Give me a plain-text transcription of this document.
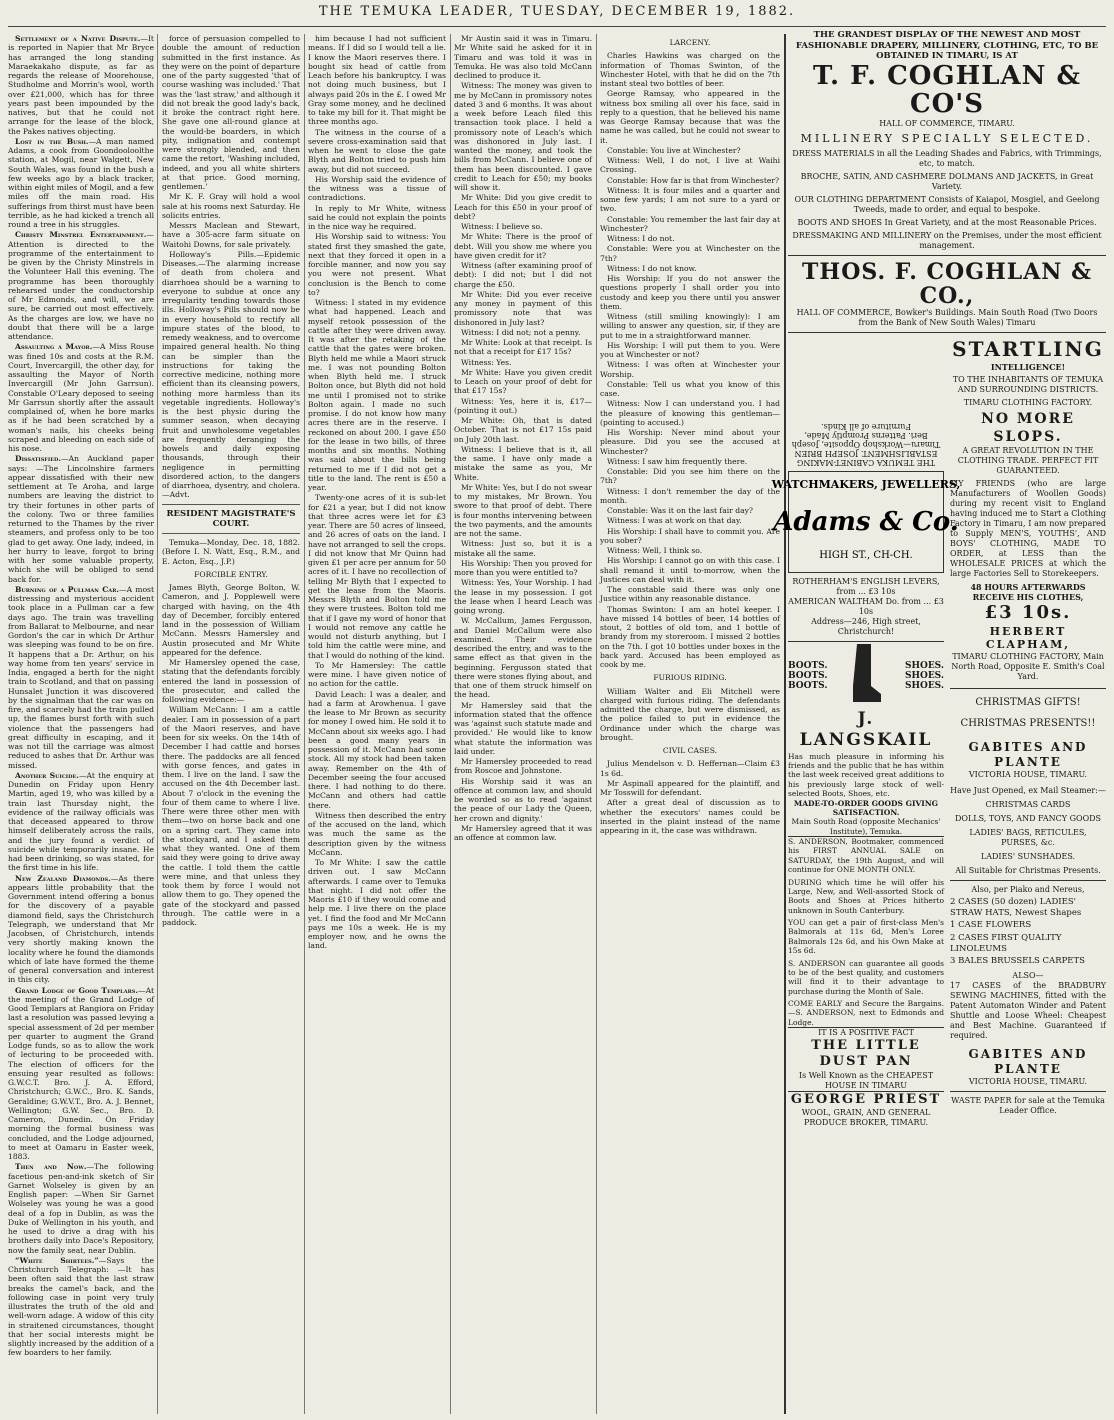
THE TEMUKA LEADER, TUESDAY, DECEMBER 19, 1882.

Settlement of a Native Dispute.—It is reported in Napier that Mr Bryce has arranged the long standing Maraekakaho dispute, as far as regards the release of Moorehouse, Studholme and Morrin's wool, worth over £21,000, which has for three years past been impounded by the natives, but that he could not arrange for the lease of the block, the Pakes natives objecting.

Lost in the Bush.—A man named Adams, a cook from Goondooloolthe station, at Mogil, near Walgett, New South Wales, was found in the bush a few weeks ago by a black tracker, within eight miles of Mogil, and a few miles off the main road. His sufferings from thirst must have been terrible, as he had kicked a trench all round a tree in his struggles.

Christy Minstrel Entertainment.—Attention is directed to the programme of the entertainment to be given by the Christy Minstrels in the Volunteer Hall this evening. The programme has been thoroughly rehearsed under the conductorship of Mr Edmonds, and will, we are sure, be carried out most effectively. As the charges are low, we have no doubt that there will be a large attendance.

Assaulting a Mayor.—A Miss Rouse was fined 10s and costs at the R.M. Court, Invercargill, the other day, for assaulting the Mayor of North Invercargill (Mr John Garrsun). Constable O'Leary deposed to seeing Mr Garrsun shortly after the assault complained of, when he bore marks as if he had been scratched by a woman's nails, his cheeks being scraped and bleeding on each side of his nose.

Dissatisfied.—An Auckland paper says: —The Lincolnshire farmers appear dissatisfied with their new settlement at Te Aroha, and large numbers are leaving the district to try their fortunes in other parts of the colony. Two or three families returned to the Thames by the river steamers, and profess only to be too glad to get away. One lady, indeed, in her hurry to leave, forgot to bring with her some valuable property, which she will be obliged to send back for.

Burning of a Pullman Car.—A most distressing and mysterious accident took place in a Pullman car a few days ago. The train was travelling from Ballarat to Melbourne, and near Gordon's the car in which Dr Arthur was sleeping was found to be on fire. It happens that a Dr. Arthur, on his way home from ten years' service in India, engaged a berth for the night train to Scotland, and that on passing Hunsalet Junction it was discovered by the signalman that the car was on fire, and scarcely had the train pulled up, the flames burst forth with such violence that the passengers had great difficulty in escaping, and it was not till the carriage was almost reduced to ashes that Dr. Arthur was missed.

Another Suicide.—At the enquiry at Dunedin on Friday upon Henry Martin, aged 19, who was killed by a train last Thursday night, the evidence of the railway officials was that deceased appeared to throw himself deliberately across the rails, and the jury found a verdict of suicide while temporarily insane. He had been drinking, so was stated, for the first time in his life.

New Zealand Diamonds.—As there appears little probability that the Government intend offering a bonus for the discovery of a payable diamond field, says the Christchurch Telegraph, we understand that Mr Jacobsen, of Christchurch, intends very shortly making known the locality where he found the diamonds which of late have formed the theme of general conversation and interest in this city.

Grand Lodge of Good Templars.—At the meeting of the Grand Lodge of Good Templars at Rangiora on Friday last a resolution was passed levying a special assessment of 2d per member per quarter to augment the Grand Lodge funds, so as to allow the work of lecturing to be proceeded with. The election of officers for the ensuing year resulted as follows: G.W.C.T. Bro. J. A. Efford, Christchurch; G.W.C., Bro. K. Sands, Geraldine; G.W.V.T., Bro. A. J. Bennet, Wellington; G.W. Sec., Bro. D. Cameron, Dunedin. On Friday morning the formal business was concluded, and the Lodge adjourned, to meet at Oamaru in Easter week, 1883.

Then and Now.—The following facetious pen-and-ink sketch of Sir Garnet Wolseley is given by an English paper: —When Sir Garnet Wolseley was young he was a good deal of a fop in Dublin, as was the Duke of Wellington in his youth, and he used to drive a drag with his brothers daily into Dace's Repository, now the family seat, near Dublin.

“White Shirtees.”—Says the Christchurch Telegraph: —It has been often said that the last straw breaks the camel's back, and the following case in point very truly illustrates the truth of the old and well-worn adage. A widow of this city in straitened circumstances, thought that her social interests might be slightly increased by the addition of a few boarders to her family.

force of persuasion compelled to double the amount of reduction submitted in the first instance. As they were on the point of departure one of the party suggested 'that of course washing was included.' That was the 'last straw,' and although it did not break the good lady's back, it broke the contract right here. She gave one all-round glance at the would-be boarders, in which pity, indignation and contempt were strongly blended, and then came the retort, 'Washing included, indeed, and you all white shirters at that price. Good morning, gentlemen.'

Mr K. F. Gray will hold a wool sale at his rooms next Saturday. He solicits entries.

Messrs Maclean and Stewart, have a 305-acre farm situate on Waitohi Downs, for sale privately.

Holloway's Pills.—Epidemic Diseases.—The alarming increase of death from cholera and diarrhoea should be a warning to everyone to subdue at once any irregularity tending towards those ills. Holloway's Pills should now be in every household to rectify all impure states of the blood, to remedy weakness, and to overcome impaired general health. No thing can be simpler than the instructions for taking the corrective medicine, nothing more efficient than its cleansing powers, nothing more harmless than its vegetable ingredients. Holloway's is the best physic during the summer season, when decaying fruit and unwholesome vegetables are frequently deranging the bowels and daily exposing thousands, through their negligence in permitting disordered action, to the dangers of diarrhoea, dysentry, and cholera.—Advt.

RESIDENT MAGISTRATE'S COURT.

Temuka—Monday, Dec. 18, 1882. (Before I. N. Watt, Esq., R.M., and E. Acton, Esq., J.P.)

FORCIBLE ENTRY.

James Blyth, George Bolton, W. Cameron, and J. Popplewell were charged with having, on the 4th day of December, forcibly entered land in the possession of William McCann. Messrs Hamersley and Austin prosecuted and Mr White appeared for the defence.

Mr Hamersley opened the case, stating that the defendants forcibly entered the land in possession of the prosecutor, and called the following evidence:—

William McCann: I am a cattle dealer. I am in possession of a part of the Maori reserves, and have been for six weeks. On the 14th of December I had cattle and horses there. The paddocks are all fenced with gorse fences, and gates in them. I live on the land. I saw the accused on the 4th December last. About 7 o'clock in the evening the four of them came to where I live. There were three other men with them—two on horse back and one on a spring cart. They came into the stockyard, and I asked them what they wanted. One of them said they were going to drive away the cattle. I told them the cattle were mine, and that unless they took them by force I would not allow them to go. They opened the gate of the stockyard and passed through. The cattle were in a paddock.

him because I had not sufficient means. If I did so I would tell a lie. I know the Maori reserves there. I bought six head of cattle from Leach before his bankruptcy. I was not doing much business, but I always paid 20s in the £. I owed Mr Gray some money, and he declined to take my bill for it. That might be three months ago.

The witness in the course of a severe cross-examination said that when he went to close the gate Blyth and Bolton tried to push him away, but did not succeed.

His Worship said the evidence of the witness was a tissue of contradictions.

In reply to Mr White, witness said he could not explain the points in the nice way he required.

His Worship said to witness: You stated first they smashed the gate, next that they forced it open in a forcible manner, and now you say you were not present. What conclusion is the Bench to come to?

Witness: I stated in my evidence what had happened. Leach and myself retook possession of the cattle after they were driven away. It was after the retaking of the cattle that the gates were broken. Blyth held me while a Maori struck me. I was not pounding Bolton when Blyth held me. I struck Bolton once, but Blyth did not hold me until I promised not to strike Bolton again. I made no such promise. I do not know how many acres there are in the reserve. I reckoned on about 200. I gave £50 for the lease in two bills, of three months and six months. Nothing was said about the bills being returned to me if I did not get a title to the land. The rent is £50 a year.

Twenty-one acres of it is sub-let for £21 a year, but I did not know that three acres were let for £3 year. There are 50 acres of linseed, and 26 acres of oats on the land. I have not arranged to sell the crops. I did not know that Mr Quinn had given £1 per acre per annum for 50 acres of it. I have no recollection of telling Mr Blyth that I expected to get the lease from the Maoris. Messrs Blyth and Bolton told me they were trustees. Bolton told me that if I gave my word of honor that I would not remove any cattle he would not disturb anything, but I told him the cattle were mine, and that I would do nothing of the kind.

To Mr Hamersley: The cattle were mine. I have given notice of no action for the cattle.

David Leach: I was a dealer, and had a farm at Arowhenua. I gave the lease to Mr Brown as security for money I owed him. He sold it to McCann about six weeks ago. I had been a good many years in possession of it. McCann had some stock. All my stock had been taken away. Remember on the 4th of December seeing the four accused there. I had nothing to do there. McCann and others had cattle there.

Witness then described the entry of the accused on the land, which was much the same as the description given by the witness McCann.

To Mr White: I saw the cattle driven out. I saw McCann afterwards. I came over to Temuka that night. I did not offer the Maoris £10 if they would come and help me. I live there on the place yet. I find the food and Mr McCann pays me 10s a week. He is my employer now, and he owns the land.

Mr Austin said it was in Timaru. Mr White said he asked for it in Timaru and was told it was in Temuka. He was also told McCann declined to produce it.

Witness: The money was given to me by McCann in promissory notes dated 3 and 6 months. It was about a week before Leach filed this transaction took place. I held a promissory note of Leach's which was dishonored in July last. I wanted the money, and took the bills from McCann. I believe one of them has been discounted. I gave credit to Leach for £50; my books will show it.

Mr White: Did you give credit to Leach for this £50 in your proof of debt?

Witness: I believe so.

Mr White: There is the proof of debt. Will you show me where you have given credit for it?

Witness (after examining proof of debt): I did not; but I did not charge the £50.

Mr White: Did you ever receive any money in payment of this promissory note that was dishonored in July last?

Witness: I did not; not a penny.

Mr White: Look at that receipt. Is not that a receipt for £17 15s?

Witness: Yes.

Mr White: Have you given credit to Leach on your proof of debt for that £17 15s?

Witness: Yes, here it is, £17—(pointing it out.)

Mr White: Oh, that is dated October. That is not £17 15s paid on July 20th last.

Witness: I believe that is it, all the same. I have only made a mistake the same as you, Mr White.

Mr White: Yes, but I do not swear to my mistakes, Mr Brown. You swore to that proof of debt. There is four months intervening between the two payments, and the amounts are not the same.

Witness: Just so, but it is a mistake all the same.

His Worship: Then you proved for more than you were entitled to?

Witness: Yes, Your Worship. I had the lease in my possession. I got the lease when I heard Leach was going wrong.

W. McCallum, James Fergusson, and Daniel McCallum were also examined. Their evidence described the entry, and was to the same effect as that given in the beginning. Fergusson stated that there were stones flying about, and that one of them struck himself on the head.

Mr Hamersley said that the information stated that the offence was 'against such statute made and provided.' He would like to know what statute the information was laid under.

Mr Hamersley proceeded to read from Roscoe and Johnstone.

His Worship said it was an offence at common law, and should be worded so as to read 'against the peace of our Lady the Queen, her crown and dignity.'

Mr Hamersley agreed that it was an offence at common law.

LARCENY.

Charles Hawkins was charged on the information of Thomas Swinton, of the Winchester Hotel, with that he did on the 7th instant steal two bottles of beer.

George Ramsay, who appeared in the witness box smiling all over his face, said in reply to a question, that he believed his name was George Ramsay because that was the name he was called, but he could not swear to it.

Constable: You live at Winchester?

Witness: Well, I do not, I live at Waihi Crossing.

Constable: How far is that from Winchester?

Witness: It is four miles and a quarter and some few yards; I am not sure to a yard or two.

Constable: You remember the last fair day at Winchester?

Witness: I do not.

Constable: Were you at Winchester on the 7th?

Witness: I do not know.

His Worship: If you do not answer the questions properly I shall order you into custody and keep you there until you answer them.

Witness (still smiling knowingly): I am willing to answer any question, sir, if they are put to me in a straightforward manner.

His Worship: I will put them to you. Were you at Winchester or not?

Witness: I was often at Winchester your Worship.

Constable: Tell us what you know of this case.

Witness: Now I can understand you. I had the pleasure of knowing this gentleman—(pointing to accused.)

His Worship: Never mind about your pleasure. Did you see the accused at Winchester?

Witness: I saw him frequently there.

Constable: Did you see him there on the 7th?

Witness: I don't remember the day of the month.

Constable: Was it on the last fair day?

Witness: I was at work on that day.

His Worship: I shall have to commit you. Are you sober?

Witness: Well, I think so.

His Worship: I cannot go on with this case. I shall remand it until to-morrow, when the Justices can deal with it.

The constable said there was only one Justice within any reasonable distance.

Thomas Swinton: I am an hotel keeper. I have missed 14 bottles of beer, 14 bottles of stout, 2 bottles of old tom, and 1 bottle of brandy from my storeroom. I missed 2 bottles on the 7th. I got 10 bottles under boxes in the back yard. Accused has been employed as cook by me.

FURIOUS RIDING.

William Walter and Eli Mitchell were charged with furious riding. The defendants admitted the charge, but were dismissed, as the police failed to put in evidence the Ordinance under which the charge was brought.

CIVIL CASES.

Julius Mendelson v. D. Heffernan—Claim £3 1s 6d.

Mr Aspinall appeared for the plaintiff, and Mr Tosswill for defendant.

After a great deal of discussion as to whether the executors' names could be inserted in the plaint instead of the name appearing in it, the case was withdrawn.

THE GRANDEST DISPLAY OF THE NEWEST AND MOST FASHIONABLE DRAPERY, MILLINERY, CLOTHING, ETC, TO BE OBTAINED IN TIMARU, IS AT
T. F. COGHLAN & CO'S
HALL OF COMMERCE, TIMARU.
MILLINERY SPECIALLY SELECTED.
DRESS MATERIALS in all the Leading Shades and Fabrics, with Trimmings, etc, to match.
BROCHE, SATIN, AND CASHMERE DOLMANS AND JACKETS, in Great Variety.
OUR CLOTHING DEPARTMENT Consists of Kaiapoi, Mosgiel, and Geelong Tweeds, made to order, and equal to bespoke.
BOOTS AND SHOES In Great Variety, and at the most Reasonable Prices.
DRESSMAKING AND MILLINERY on the Premises, under the most efficient management.
THOS. F. COGHLAN & CO.,
HALL OF COMMERCE, Bowker's Buildings. Main South Road (Two Doors from the Bank of New South Wales) Timaru
THE TEMUKA CABINET-MAKING ESTABLISHMENT. JOSEPH BRIEN Timaru—Workshop Opposite, Joseph Beri. Patterns Promptly Made, Furniture of all Kinds.
WATCHMAKERS, JEWELLERS,
Adams & Co.
HIGH ST., CH-CH.
ROTHERHAM'S ENGLISH LEVERS, from ... £3 10s
AMERICAN WALTHAM Do. from ... £3 10s
Address—246, High street, Christchurch!
BOOTS. BOOTS. BOOTS.
SHOES. SHOES. SHOES.
J. LANGSKAIL
Has much pleasure in informing his friends and the public that he has within the last week received great additions to his previously large stock of well-selected Boots, Shoes, etc.
MADE-TO-ORDER GOODS GIVING SATISFACTION.
Main South Road (opposite Mechanics' Institute), Temuka.
S. ANDERSON, Bootmaker, commenced his FIRST ANNUAL SALE on SATURDAY, the 19th August, and will continue for ONE MONTH ONLY.
DURING which time he will offer his Large, New, and Well-assorted Stock of Boots and Shoes at Prices hitherto unknown in South Canterbury.
YOU can get a pair of first-class Men's Balmorals at 11s 6d, Men's Loree Balmorals 12s 6d, and his Own Make at 15s 6d.
S. ANDERSON can guarantee all goods to be of the best quality, and customers will find it to their advantage to purchase during the Month of Sale.
COME EARLY and Secure the Bargains.—S. ANDERSON, next to Edmonds and Lodge.
IT IS A POSITIVE FACT
THE LITTLE DUST PAN
Is Well Known as the CHEAPEST HOUSE IN TIMARU
GEORGE PRIEST
WOOL, GRAIN, AND GENERAL PRODUCE BROKER, TIMARU.
STARTLING
INTELLIGENCE!
TO THE INHABITANTS OF TEMUKA AND SURROUNDING DISTRICTS.
TIMARU CLOTHING FACTORY.
NO MORE SLOPS.
A GREAT REVOLUTION IN THE CLOTHING TRADE. PERFECT FIT GUARANTEED.
MY FRIENDS (who are large Manufacturers of Woollen Goods) during my recent visit to England having induced me to Start a Clothing Factory in Timaru, I am now prepared to Supply MEN'S, YOUTHS', AND BOYS' CLOTHING, MADE TO ORDER, at LESS than the WHOLESALE PRICES at which the large Factories Sell to Storekeepers.
48 HOURS AFTERWARDS RECEIVE HIS CLOTHES,
£3 10s.
HERBERT CLAPHAM,
TIMARU CLOTHING FACTORY, Main North Road, Opposite E. Smith's Coal Yard.
CHRISTMAS GIFTS!
CHRISTMAS PRESENTS!!
GABITES AND PLANTE
VICTORIA HOUSE, TIMARU.
Have Just Opened, ex Mail Steamer:—
CHRISTMAS CARDS
DOLLS, TOYS, AND FANCY GOODS
LADIES' BAGS, RETICULES, PURSES, &c.
LADIES' SUNSHADES.
All Suitable for Christmas Presents.
Also, per Piako and Nereus,
2 CASES (50 dozen) LADIES' STRAW HATS, Newest Shapes
1 CASE FLOWERS
2 CASES FIRST QUALITY LINOLEUMS
3 BALES BRUSSELS CARPETS
ALSO—
17 CASES of the BRADBURY SEWING MACHINES, fitted with the Patent Automaton Winder and Patent Shuttle and Loose Wheel: Cheapest and Best Machine. Guaranteed if required.
GABITES AND PLANTE
VICTORIA HOUSE, TIMARU.
WASTE PAPER for sale at the Temuka Leader Office.
